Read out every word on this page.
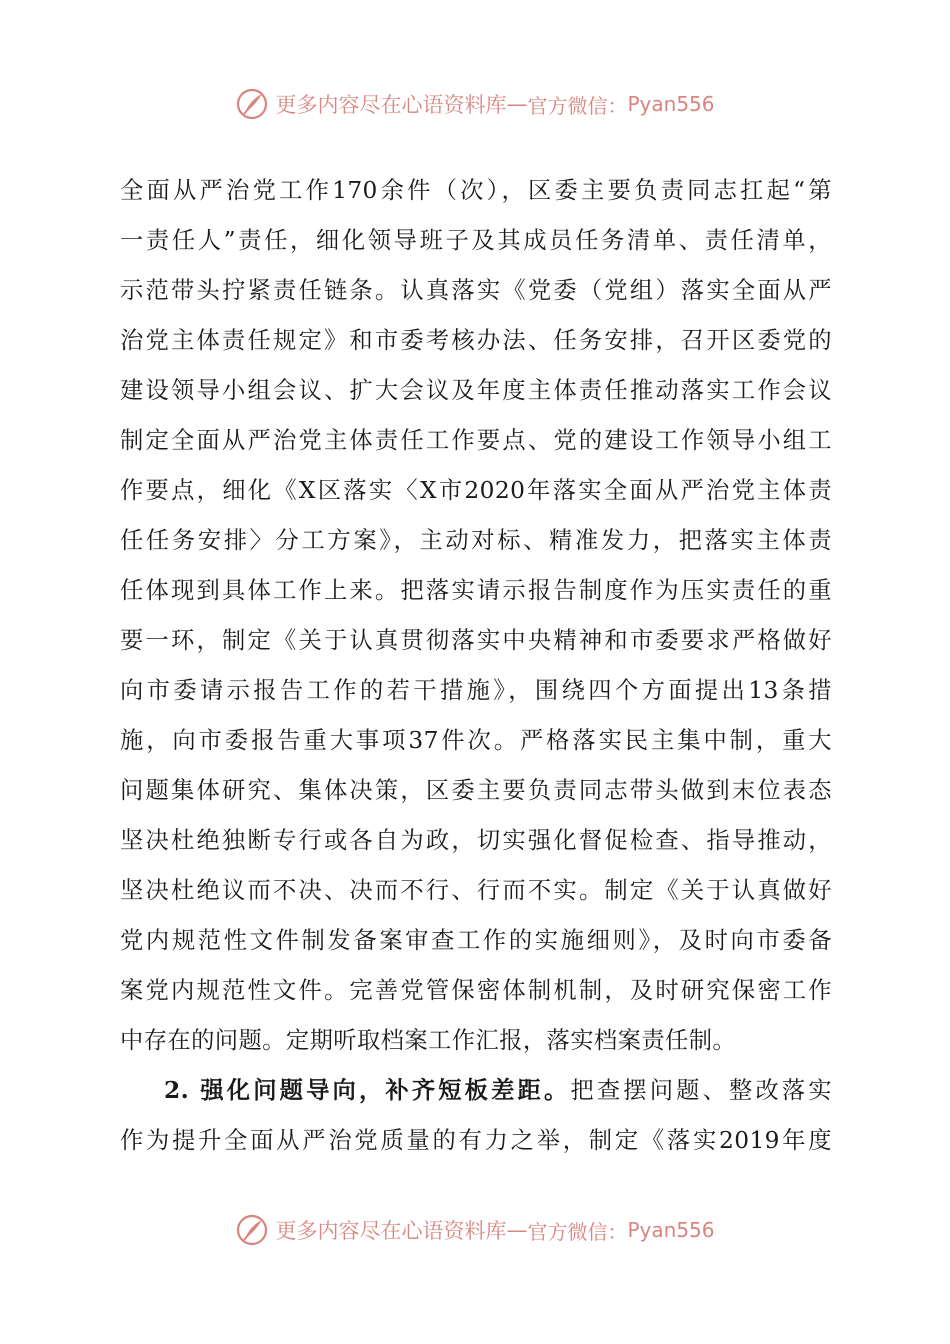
更多内容尽在心语资料库 — 官方微信： Pyan556
全面从严治党工作170余件（次），区委主要负责同志扛起“第
一责任人”责任，细化领导班子及其成员任务清单、责任清单，
示范带头拧紧责任链条。认真落实《党委（党组）落实全面从严
治党主体责任规定》和市委考核办法、任务安排，召开区委党的
建设领导小组会议、扩大会议及年度主体责任推动落实工作会议
制定全面从严治党主体责任工作要点、党的建设工作领导小组工
作要点，细化《X区落实〈X市2020年落实全面从严治党主体责
任任务安排〉分工方案》，主动对标、精准发力，把落实主体责
任体现到具体工作上来。把落实请示报告制度作为压实责任的重
要一环，制定《关于认真贯彻落实中央精神和市委要求严格做好
向市委请示报告工作的若干措施》，围绕四个方面提出13条措
施，向市委报告重大事项37件次。严格落实民主集中制，重大
问题集体研究、集体决策，区委主要负责同志带头做到末位表态
坚决杜绝独断专行或各自为政，切实强化督促检查、指导推动，
坚决杜绝议而不决、决而不行、行而不实。制定《关于认真做好
党内规范性文件制发备案审查工作的实施细则》，及时向市委备
案党内规范性文件。完善党管保密体制机制，及时研究保密工作
中存在的问题。定期听取档案工作汇报，落实档案责任制。
2. 强化问题导向，补齐短板差距。把查摆问题、整改落实
作为提升全面从严治党质量的有力之举，制定《落实2019年度
更多内容尽在心语资料库 — 官方微信： Pyan556
